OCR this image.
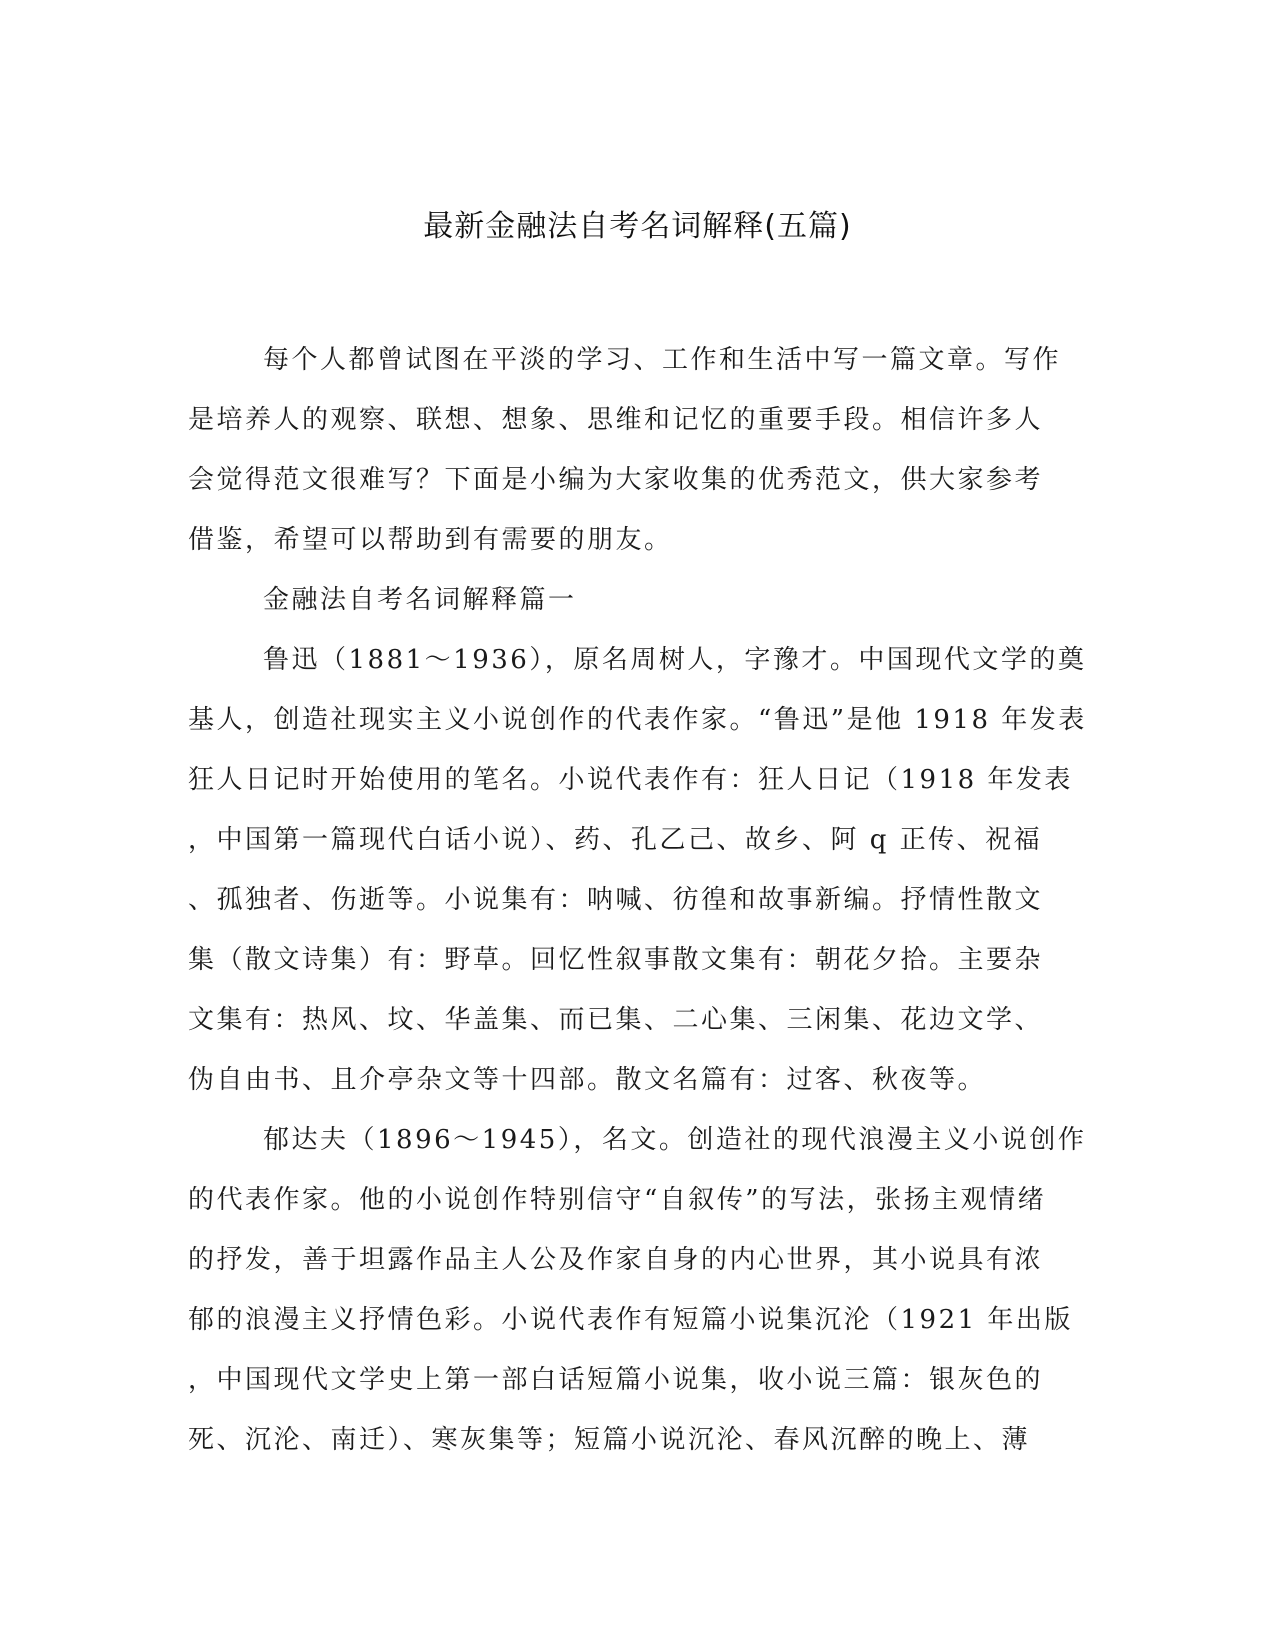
最新金融法自考名词解释(五篇)
每个人都曾试图在平淡的学习、工作和生活中写一篇文章。写作
是培养人的观察、联想、想象、思维和记忆的重要手段。相信许多人
会觉得范文很难写？下面是小编为大家收集的优秀范文，供大家参考
借鉴，希望可以帮助到有需要的朋友。
金融法自考名词解释篇一
鲁迅（1881～1936），原名周树人，字豫才。中国现代文学的奠
基人，创造社现实主义小说创作的代表作家。“鲁迅”是他 1918 年发表
狂人日记时开始使用的笔名。小说代表作有：狂人日记（1918 年发表
，中国第一篇现代白话小说）、药、孔乙己、故乡、阿 q 正传、祝福
、孤独者、伤逝等。小说集有：呐喊、彷徨和故事新编。抒情性散文
集（散文诗集）有：野草。回忆性叙事散文集有：朝花夕拾。主要杂
文集有：热风、坟、华盖集、而已集、二心集、三闲集、花边文学、
伪自由书、且介亭杂文等十四部。散文名篇有：过客、秋夜等。
郁达夫（1896～1945），名文。创造社的现代浪漫主义小说创作
的代表作家。他的小说创作特别信守“自叙传”的写法，张扬主观情绪
的抒发，善于坦露作品主人公及作家自身的内心世界，其小说具有浓
郁的浪漫主义抒情色彩。小说代表作有短篇小说集沉沦（1921 年出版
，中国现代文学史上第一部白话短篇小说集，收小说三篇：银灰色的
死、沉沦、南迁）、寒灰集等；短篇小说沉沦、春风沉醉的晚上、薄
